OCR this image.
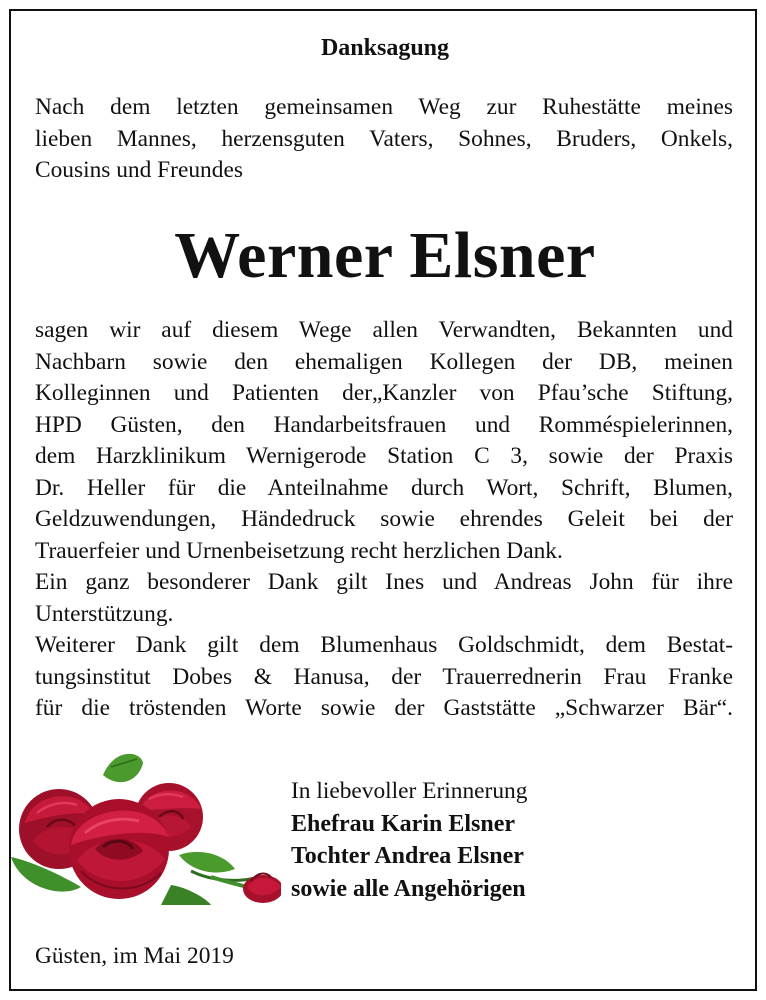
Danksagung
Nach dem letzten gemeinsamen Weg zur Ruhestätte meines
lieben Mannes, herzensguten Vaters, Sohnes, Bruders, Onkels,
Cousins und Freundes
Werner Elsner
sagen wir auf diesem Wege allen Verwandten, Bekannten und
Nachbarn sowie den ehemaligen Kollegen der DB, meinen
Kolleginnen und Patienten der„Kanzler von Pfau’sche Stiftung,
HPD Güsten, den Handarbeitsfrauen und Romméspielerinnen,
dem Harzklinikum Wernigerode Station C 3, sowie der Praxis
Dr. Heller für die Anteilnahme durch Wort, Schrift, Blumen,
Geldzuwendungen, Händedruck sowie ehrendes Geleit bei der
Trauerfeier und Urnenbeisetzung recht herzlichen Dank.
Ein ganz besonderer Dank gilt Ines und Andreas John für ihre
Unterstützung.
Weiterer Dank gilt dem Blumenhaus Goldschmidt, dem Bestat-
tungsinstitut Dobes & Hanusa, der Trauerrednerin Frau Franke
für die tröstenden Worte sowie der Gaststätte „Schwarzer Bär“.
In liebevoller Erinnerung
Ehefrau Karin Elsner
Tochter Andrea Elsner
sowie alle Angehörigen
Güsten, im Mai 2019
